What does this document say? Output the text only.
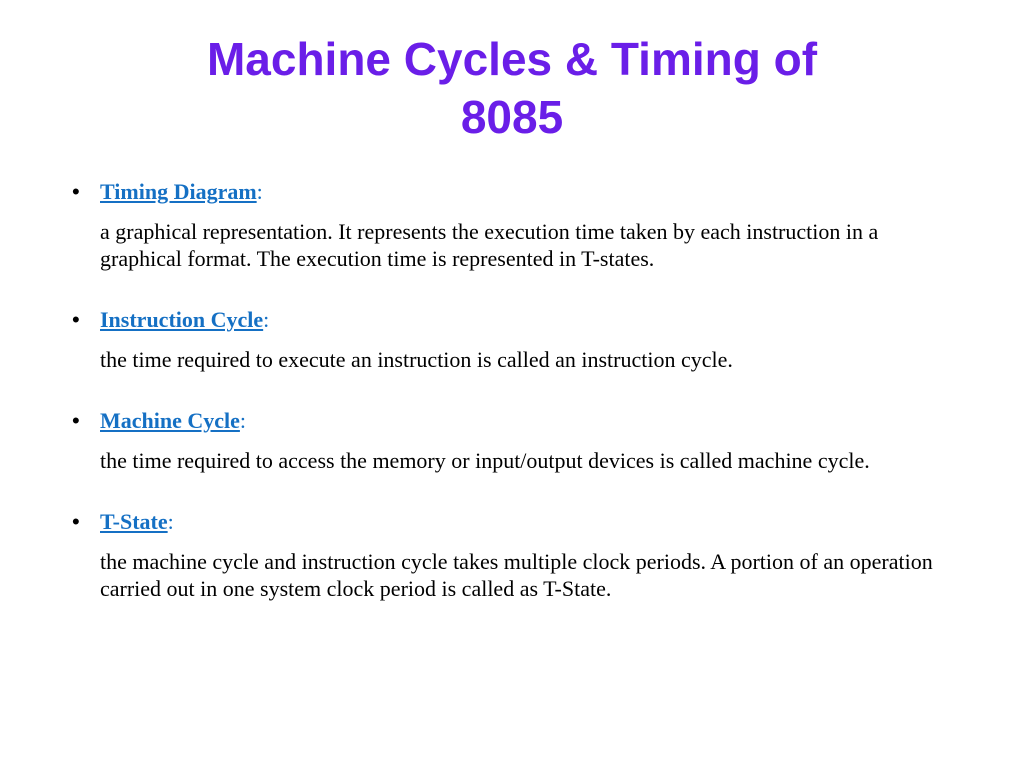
Machine Cycles & Timing of
8085
• Timing Diagram:
a graphical representation. It represents the execution time taken by each instruction in a graphical format. The execution time is represented in T-states.
• Instruction Cycle:
the time required to execute an instruction is called an instruction cycle.
• Machine Cycle:
the time required to access the memory or input/output devices is called machine cycle.
• T-State:
the machine cycle and instruction cycle takes multiple clock periods. A portion of an operation carried out in one system clock period is called as T-State.
